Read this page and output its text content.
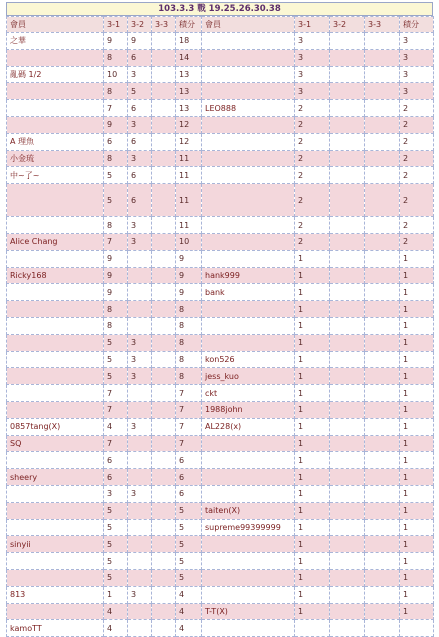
103.3.3 戰 19.25.26.30.38
會員	3-1	3-2	3-3	積分	會員	3-1	3-2	3-3	積分
之華	9	9		18		3			3
	8	6		14		3			3
亂碼 1/2	10	3		13		3			3
	8	5		13		3			3
	7	6		13	LEO888	2			2
	9	3		12		2			2
A 理魚	6	6		12		2			2
小金琉	8	3		11		2			2
中~了~	5	6		11		2			2
	5	6		11		2			2
	8	3		11		2			2
Alice Chang	7	3		10		2			2
	9			9		1			1
Ricky168	9			9	hank999	1			1
	9			9	bank	1			1
	8			8		1			1
	8			8		1			1
	5	3		8		1			1
	5	3		8	kon526	1			1
	5	3		8	jess_kuo	1			1
	7			7	ckt	1			1
	7			7	1988john	1			1
0857tang(X)	4	3		7	AL228(x)	1			1
SQ	7			7		1			1
	6			6		1			1
sheery	6			6		1			1
	3	3		6		1			1
	5			5	taiten(X)	1			1
	5			5	supreme99399999	1			1
sinyii	5			5		1			1
	5			5		1			1
	5			5		1			1
813	1	3		4		1			1
	4			4	T-T(X)	1			1
kamoTT	4			4					
